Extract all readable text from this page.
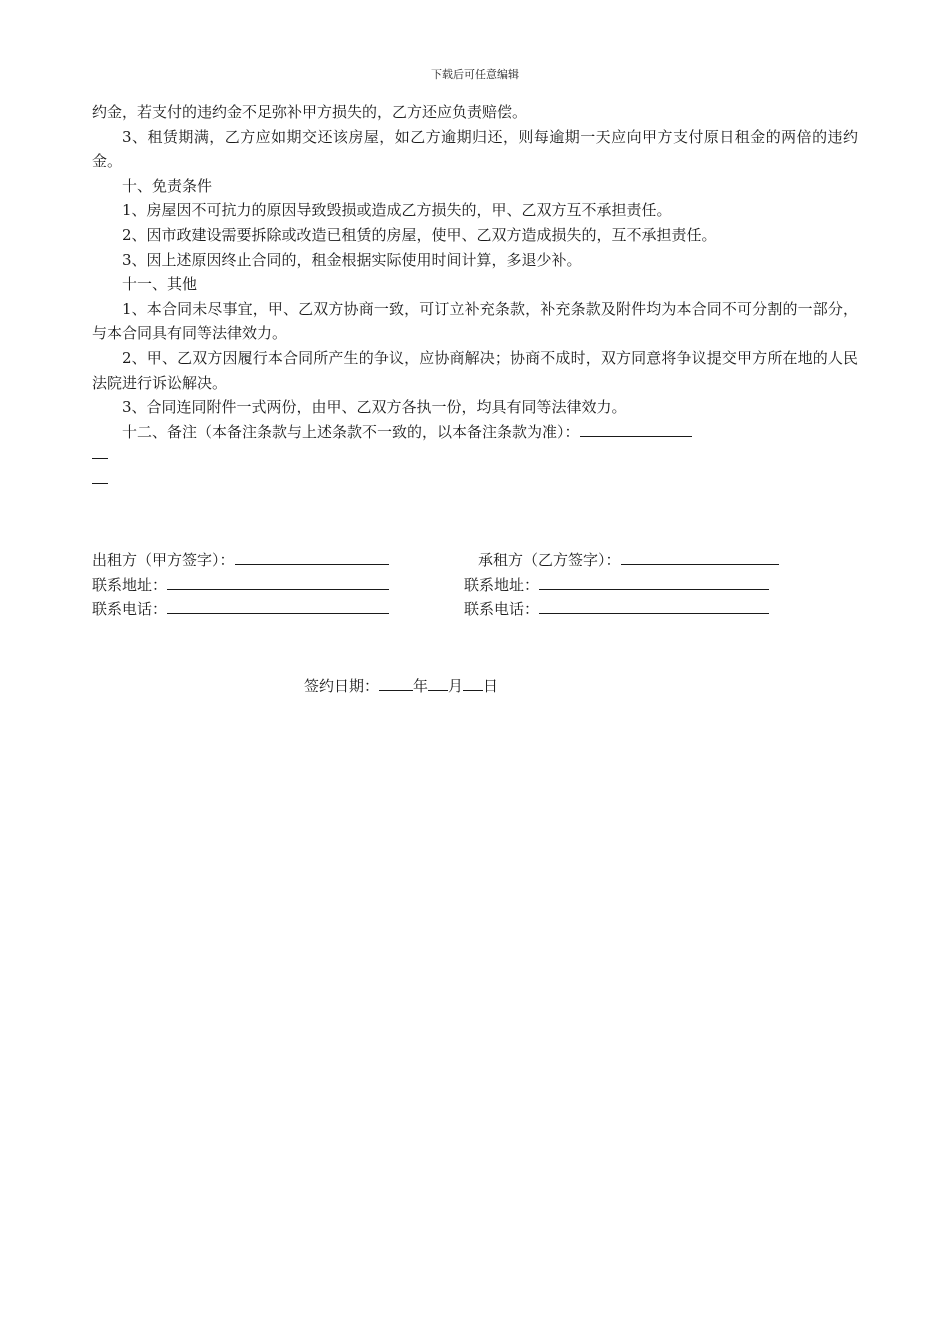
下载后可任意编辑

约金，若支付的违约金不足弥补甲方损失的，乙方还应负责赔偿。

3、租赁期满，乙方应如期交还该房屋，如乙方逾期归还，则每逾期一天应向甲方支付原日租金的两倍的违约金。

十、免责条件

1、房屋因不可抗力的原因导致毁损或造成乙方损失的，甲、乙双方互不承担责任。

2、因市政建设需要拆除或改造已租赁的房屋，使甲、乙双方造成损失的，互不承担责任。

3、因上述原因终止合同的，租金根据实际使用时间计算，多退少补。

十一、其他

1、本合同未尽事宜，甲、乙双方协商一致，可订立补充条款，补充条款及附件均为本合同不可分割的一部分，与本合同具有同等法律效力。

2、甲、乙双方因履行本合同所产生的争议，应协商解决；协商不成时，双方同意将争议提交甲方所在地的人民法院进行诉讼解决。

3、合同连同附件一式两份，由甲、乙双方各执一份，均具有同等法律效力。

十二、备注（本备注条款与上述条款不一致的，以本备注条款为准）：

出租方（甲方签字）：	承租方（乙方签字）：
联系地址：	联系地址：
联系电话：	联系电话：
签约日期： 年 月 日
